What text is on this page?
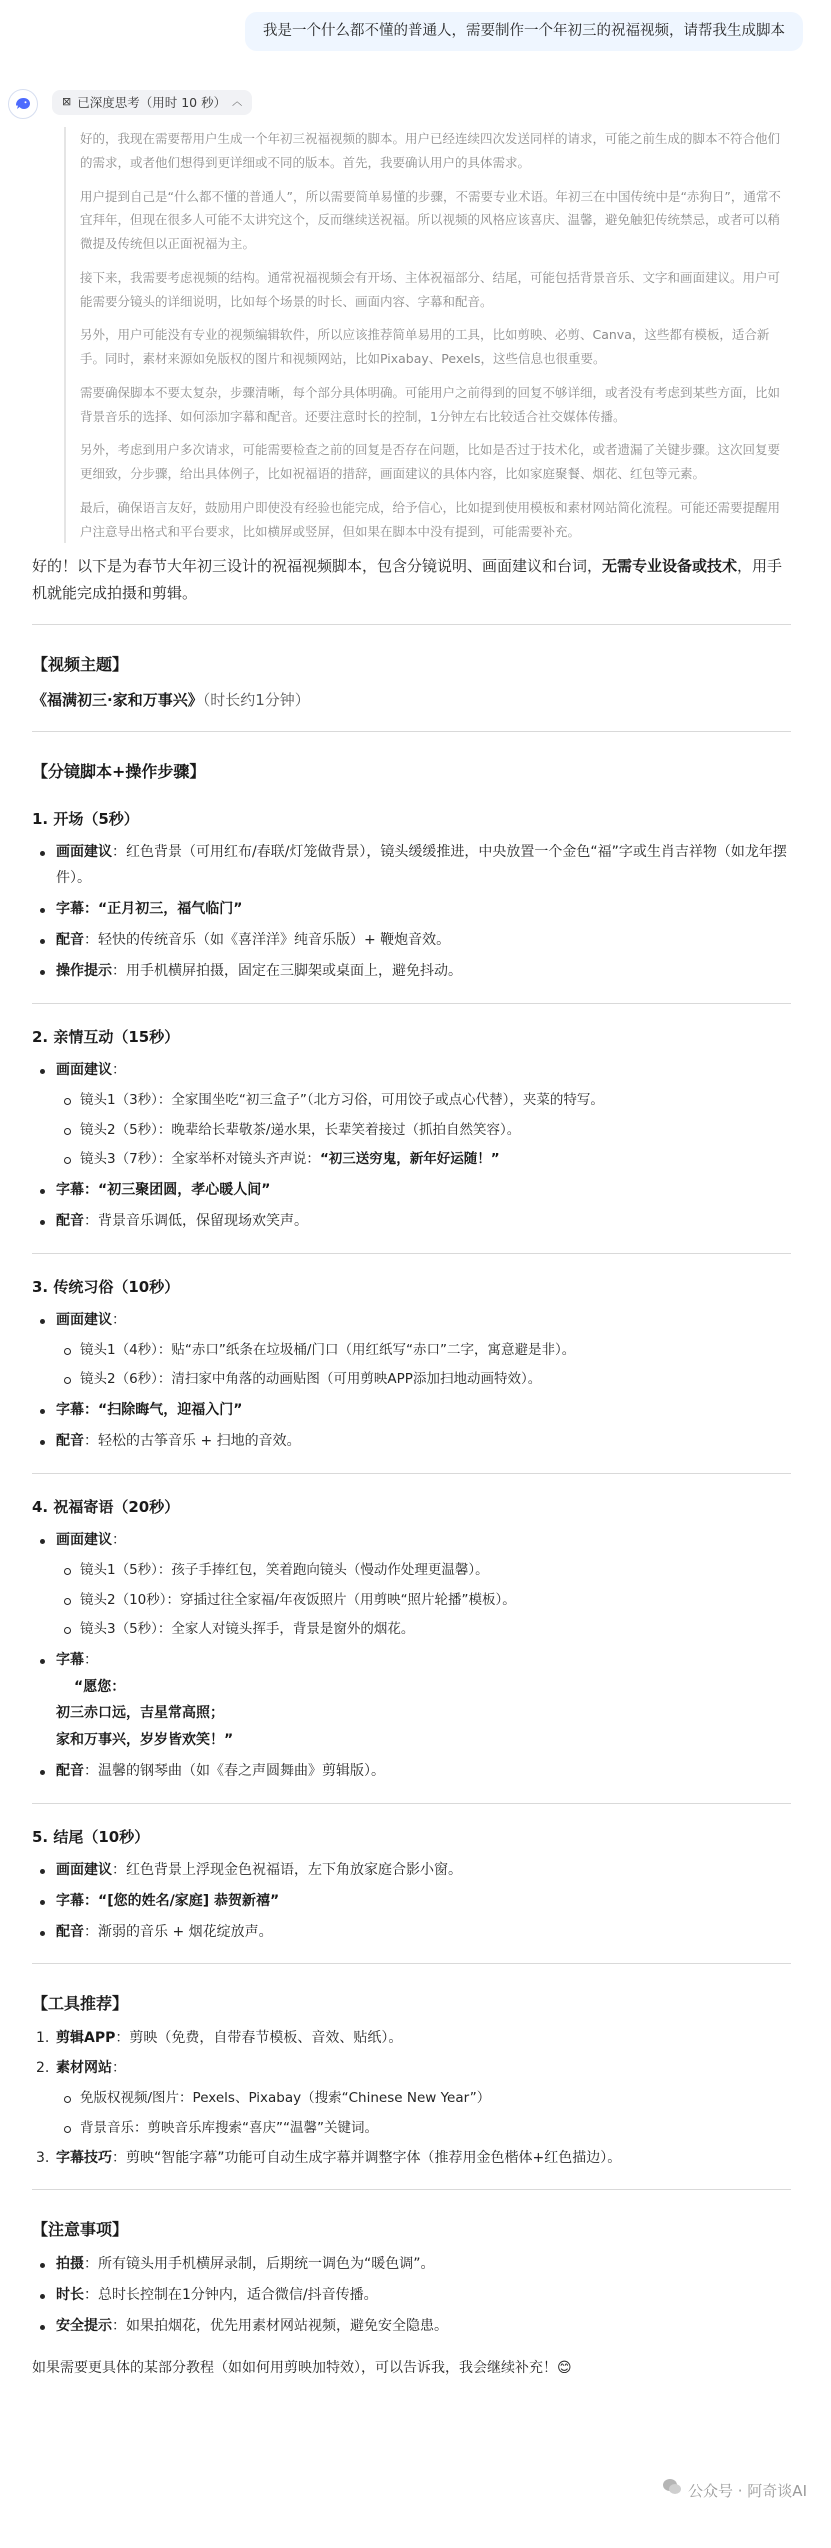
我是一个什么都不懂的普通人，需要制作一个年初三的祝福视频，请帮我生成脚本
⊠ 已深度思考（用时 10 秒） ︿

好的，我现在需要帮用户生成一个年初三祝福视频的脚本。用户已经连续四次发送同样的请求，可能之前生成的脚本不符合他们的需求，或者他们想得到更详细或不同的版本。首先，我要确认用户的具体需求。

用户提到自己是“什么都不懂的普通人”，所以需要简单易懂的步骤，不需要专业术语。年初三在中国传统中是“赤狗日”，通常不宜拜年，但现在很多人可能不太讲究这个，反而继续送祝福。所以视频的风格应该喜庆、温馨，避免触犯传统禁忌，或者可以稍微提及传统但以正面祝福为主。

接下来，我需要考虑视频的结构。通常祝福视频会有开场、主体祝福部分、结尾，可能包括背景音乐、文字和画面建议。用户可能需要分镜头的详细说明，比如每个场景的时长、画面内容、字幕和配音。

另外，用户可能没有专业的视频编辑软件，所以应该推荐简单易用的工具，比如剪映、必剪、Canva，这些都有模板，适合新手。同时，素材来源如免版权的图片和视频网站，比如Pixabay、Pexels，这些信息也很重要。

需要确保脚本不要太复杂，步骤清晰，每个部分具体明确。可能用户之前得到的回复不够详细，或者没有考虑到某些方面，比如背景音乐的选择、如何添加字幕和配音。还要注意时长的控制，1分钟左右比较适合社交媒体传播。

另外，考虑到用户多次请求，可能需要检查之前的回复是否存在问题，比如是否过于技术化，或者遗漏了关键步骤。这次回复要更细致，分步骤，给出具体例子，比如祝福语的措辞，画面建议的具体内容，比如家庭聚餐、烟花、红包等元素。

最后，确保语言友好，鼓励用户即使没有经验也能完成，给予信心，比如提到使用模板和素材网站简化流程。可能还需要提醒用户注意导出格式和平台要求，比如横屏或竖屏，但如果在脚本中没有提到，可能需要补充。

好的！以下是为春节大年初三设计的祝福视频脚本，包含分镜说明、画面建议和台词，无需专业设备或技术，用手机就能完成拍摄和剪辑。

【视频主题】

《福满初三·家和万事兴》（时长约1分钟）

【分镜脚本+操作步骤】
1. 开场（5秒）
画面建议：红色背景（可用红布/春联/灯笼做背景），镜头缓缓推进，中央放置一个金色“福”字或生肖吉祥物（如龙年摆件）。
字幕：“正月初三，福气临门”
配音：轻快的传统音乐（如《喜洋洋》纯音乐版）+ 鞭炮音效。
操作提示：用手机横屏拍摄，固定在三脚架或桌面上，避免抖动。
2. 亲情互动（15秒）
画面建议：
镜头1（3秒）：全家围坐吃“初三盒子”（北方习俗，可用饺子或点心代替），夹菜的特写。
镜头2（5秒）：晚辈给长辈敬茶/递水果，长辈笑着接过（抓拍自然笑容）。
镜头3（7秒）：全家举杯对镜头齐声说：“初三送穷鬼，新年好运随！”
字幕：“初三聚团圆，孝心暖人间”
配音：背景音乐调低，保留现场欢笑声。
3. 传统习俗（10秒）
画面建议：
镜头1（4秒）：贴“赤口”纸条在垃圾桶/门口（用红纸写“赤口”二字，寓意避是非）。
镜头2（6秒）：清扫家中角落的动画贴图（可用剪映APP添加扫地动画特效）。
字幕：“扫除晦气，迎福入门”
配音：轻松的古筝音乐 + 扫地的音效。
4. 祝福寄语（20秒）
画面建议：
镜头1（5秒）：孩子手捧红包，笑着跑向镜头（慢动作处理更温馨）。
镜头2（10秒）：穿插过往全家福/年夜饭照片（用剪映“照片轮播”模板）。
镜头3（5秒）：全家人对镜头挥手，背景是窗外的烟花。
字幕：
“愿您：
初三赤口远，吉星常高照；
家和万事兴，岁岁皆欢笑！”
配音：温馨的钢琴曲（如《春之声圆舞曲》剪辑版）。
5. 结尾（10秒）
画面建议：红色背景上浮现金色祝福语，左下角放家庭合影小窗。
字幕：“[您的姓名/家庭] 恭贺新禧”
配音：渐弱的音乐 + 烟花绽放声。
【工具推荐】
1. 剪辑APP：剪映（免费，自带春节模板、音效、贴纸）。
2. 素材网站：
免版权视频/图片：Pexels、Pixabay（搜索“Chinese New Year”）
背景音乐：剪映音乐库搜索“喜庆”“温馨”关键词。
3. 字幕技巧：剪映“智能字幕”功能可自动生成字幕并调整字体（推荐用金色楷体+红色描边）。
【注意事项】
拍摄：所有镜头用手机横屏录制，后期统一调色为“暖色调”。
时长：总时长控制在1分钟内，适合微信/抖音传播。
安全提示：如果拍烟花，优先用素材网站视频，避免安全隐患。
如果需要更具体的某部分教程（如如何用剪映加特效），可以告诉我，我会继续补充！😊
公众号 · 阿奇谈AI
